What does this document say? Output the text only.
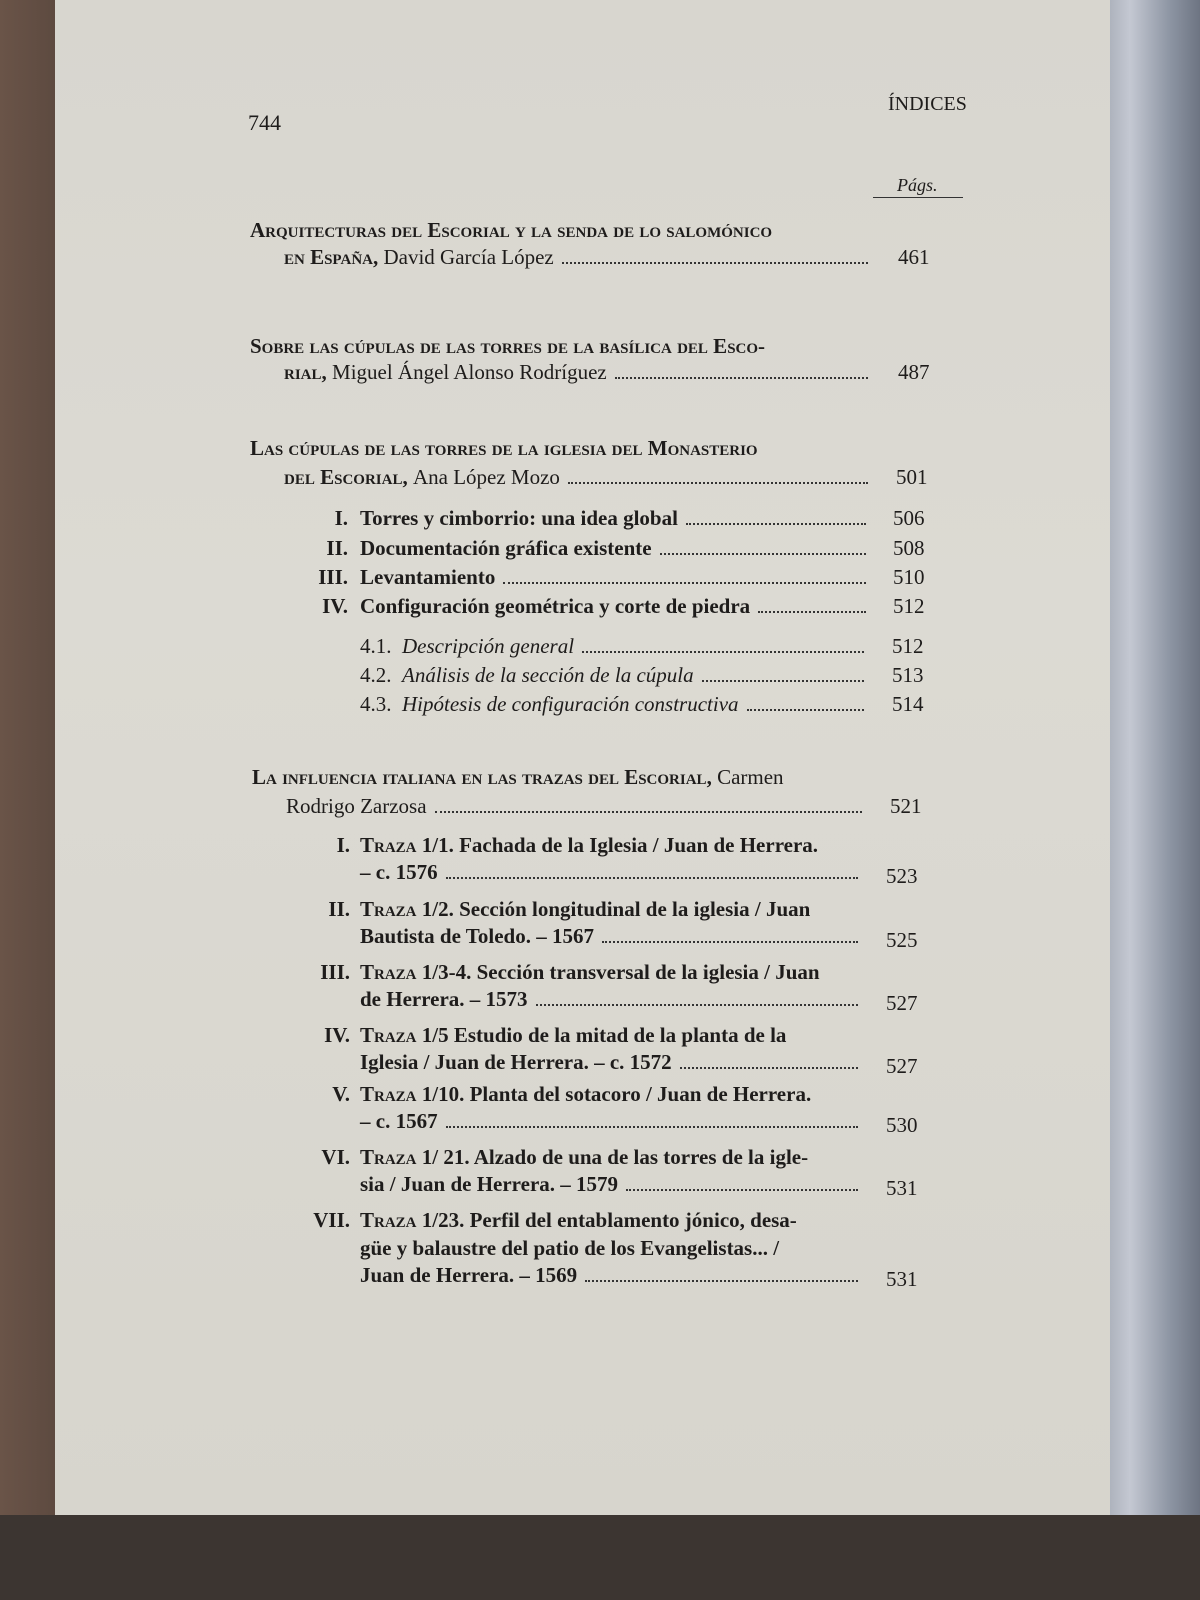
744
ÍNDICES
Págs.
Arquitecturas del Escorial y la senda de lo salomónico
en España,
David García López	461
Sobre las cúpulas de las torres de la basílica del Esco-
rial,
Miguel Ángel Alonso Rodríguez	487
Las cúpulas de las torres de la iglesia del Monasterio
del Escorial,
Ana López Mozo	501
I. Torres y cimborrio: una idea global	506
II. Documentación gráfica existente	508
III. Levantamiento	510
IV. Configuración geométrica y corte de piedra	512
4.1.
Descripción general	512
4.2.
Análisis de la sección de la cúpula	513
4.3.
Hipótesis de configuración constructiva	514
La influencia italiana en las trazas del Escorial,
Carmen
Rodrigo Zarzosa	521
I. Traza
1/1. Fachada de la Iglesia / Juan de Herrera.
– c. 1576	523
II. Traza
1/2. Sección longitudinal de la iglesia / Juan
Bautista de Toledo. – 1567	525
III. Traza
1/3-4. Sección transversal de la iglesia / Juan
de Herrera. – 1573	527
IV. Traza
1/5 Estudio de la mitad de la planta de la
Iglesia / Juan de Herrera. – c. 1572	527
V. Traza
1/10. Planta del sotacoro / Juan de Herrera.
– c. 1567	530
VI. Traza
1/ 21. Alzado de una de las torres de la igle-
sia / Juan de Herrera. – 1579	531
VII. Traza
1/23. Perfil del entablamento jónico, desa-
güe y balaustre del patio de los Evangelistas... /
Juan de Herrera. – 1569	531
